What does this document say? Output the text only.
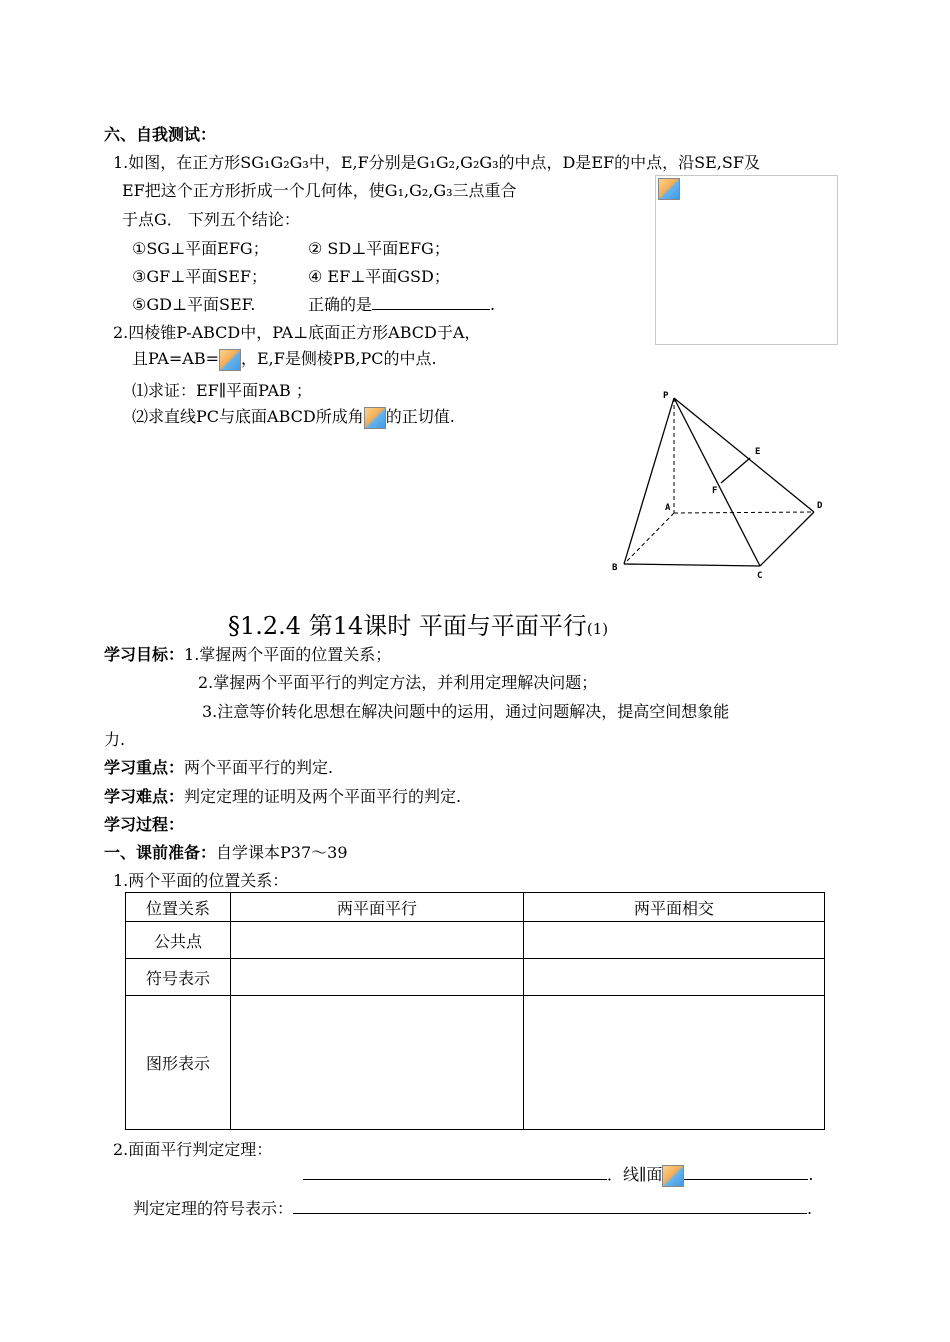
六、自我测试：
1.如图，在正方形SG₁G₂G₃中，E,F分别是G₁G₂,G₂G₃的中点，D是EF的中点，沿SE,SF及
EF把这个正方形折成一个几何体，使G₁,G₂,G₃三点重合
于点G． 下列五个结论：
①SG⊥平面EFG； ② SD⊥平面EFG；
③GF⊥平面SEF；	④ EF⊥平面GSD；
⑤GD⊥平面SEF.	正确的是	.
2.四棱锥P-ABCD中，PA⊥底面正方形ABCD于A，
且PA=AB= ，E,F是侧棱PB,PC的中点.
⑴求证：EF∥平面PAB ；
⑵求直线PC与底面ABCD所成角 的正切值.
P
E
F
A	D
B
C
§1.2.4 第14课时 平面与平面平行(1)
学习目标：1.掌握两个平面的位置关系；
2.掌握两个平面平行的判定方法，并利用定理解决问题；
3.注意等价转化思想在解决问题中的运用，通过问题解决，提高空间想象能
力.
学习重点：两个平面平行的判定.
学习难点：判定定理的证明及两个平面平行的判定.
学习过程：
一、课前准备：自学课本P37～39
1.两个平面的位置关系：
位置关系	两平面平行	两平面相交
公共点		
符号表示		
图形表示		
2.面面平行判定定理：
．线∥面	.
判定定理的符号表示：	.
